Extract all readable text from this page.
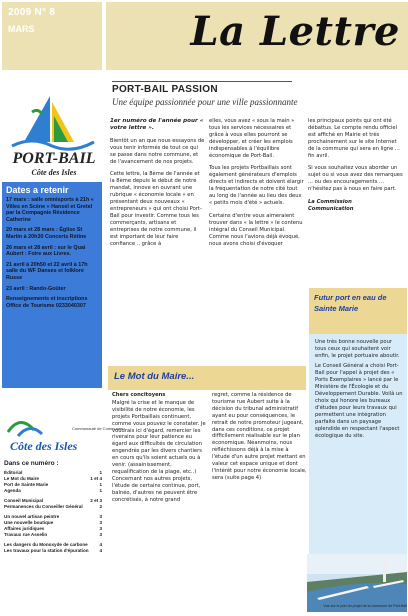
2009 N° 8
MARS
PORT-BAIL
Côte des Isles
Dates a retenir
17 mars : salle omnisports à 21h « Villes en Scène » Hansel et Gretel par la Compagnie Résidence Catherine
20 mars et 28 mars : Église St Martin à 20h30 Concerts Rétine
26 mars et 28 avril : sur le Quai Aubert : Foire aux Livres.
21 avril à 20h50 et 22 avril à 17h salle du WF Danses et folklore Russe
23 avril : Rando-Goûter
Renseignements et inscriptions Office de Tourisme 0233040307
Côte des Isles
Communauté de Communes
Dans ce numéro :
Éditorial	1
Le Mot du Maire	1 et 4
Port de Sainte Marie	1
Agenda	1
Conseil Municipal	2 et 3
Permanences du Conseiller Général	2
Un nouvel artisan peintre	3
Une nouvelle boutique	3
Affaires juridiques	3
Travaux rue Asselin	3
Les dangers du Monoxyde de carbone	4
Les travaux pour la station d'épuration	4
La Lettre
PORT-BAIL PASSION
Une équipe passionnée pour une ville passionnante

1er numéro de l'année pour « votre lettre ».

Bientôt un an que nous essayons de vous tenir informés de tout ce qui se passe dans notre commune, et de l'avancement de nos projets.

Cette lettre, la 8ème de l'année et la 8ème depuis le début de notre mandat, innove en ouvrant une rubrique « économie locale » en présentant deux nouveaux « entrepreneurs » qui ont choisi Port-Bail pour investir. Comme tous les commerçants, artisans et entreprises de notre commune, il est important de leur faire confiance .. grâce à

elles, vous avez « sous la main » tous les services nécessaires et grâce à vous elles pourront se développer, et créer les emplois indispensables à l'équilibre économique de Port-Bail.

Tous les projets Portbaillais sont également générateurs d'emplois directs et indirects et doivent élargir la fréquentation de notre cité tout au long de l'année au lieu des deux « petits mois d'été » actuels.

Certains d'entre vous aimeraient trouver dans « la lettre » le contenu intégral du Conseil Municipal. Comme nous l'avions déjà évoqué, nous avons choisi d'évoquer

les principaux points qui ont été débattus. Le compte rendu officiel est affiché en Mairie et très prochainement sur le site Internet de la commune qui sera en ligne ... fin avril.

Si vous souhaitez vous aborder un sujet ou si vous avez des remarques ... ou des encouragements ... n'hésitez pas à nous en faire part.

La Commission Communication

Futur port en eau de Sainte Marie

Une très bonne nouvelle pour tous ceux qui souhaitent voir enfin, le projet portuaire aboutir.

Le Conseil Général a choisi Port-Bail pour l'appel à projet des « Ports Exemplaires » lancé par le Ministère de l'Écologie et du Développement Durable. Voilà un choix qui honore les bureaux d'études pour leurs travaux qui permettent une intégration parfaite dans un paysage splendide en respectant l'aspect écologique du site.

Le Mot du Maire...

Chers concitoyens

Malgré la crise et le manque de visibilité de notre économie, les projets Portbaillais continuent, comme vous pouvez le constater. Je voudrais ici d'égard, remercier les riverains pour leur patience eu égard aux difficultés de circulation engendrés par les divers chantiers en cours qu'ils soient actuels ou à venir. (assainissement, requalification de la plage, etc..) Concernant nos autres projets, l'étude de certains continue, port, balnéo, d'autres ne peuvent être concrétisés, à notre grand

regret, comme la résidence de tourisme rue Aubert suite à la décision du tribunal administratif ayant eu pour conséquences, le retrait de notre promoteur jugeant, dans ces conditions, ce projet difficilement réalisable sur le plan économique. Néanmoins, nous réfléchissons déjà à la mise à l'étude d'un autre projet mettant en valeur cet espace unique et dont l'intérêt pour notre économie locale, sera (suite page 4)

Vue sur le port du projet de la commune de Port-Bail
